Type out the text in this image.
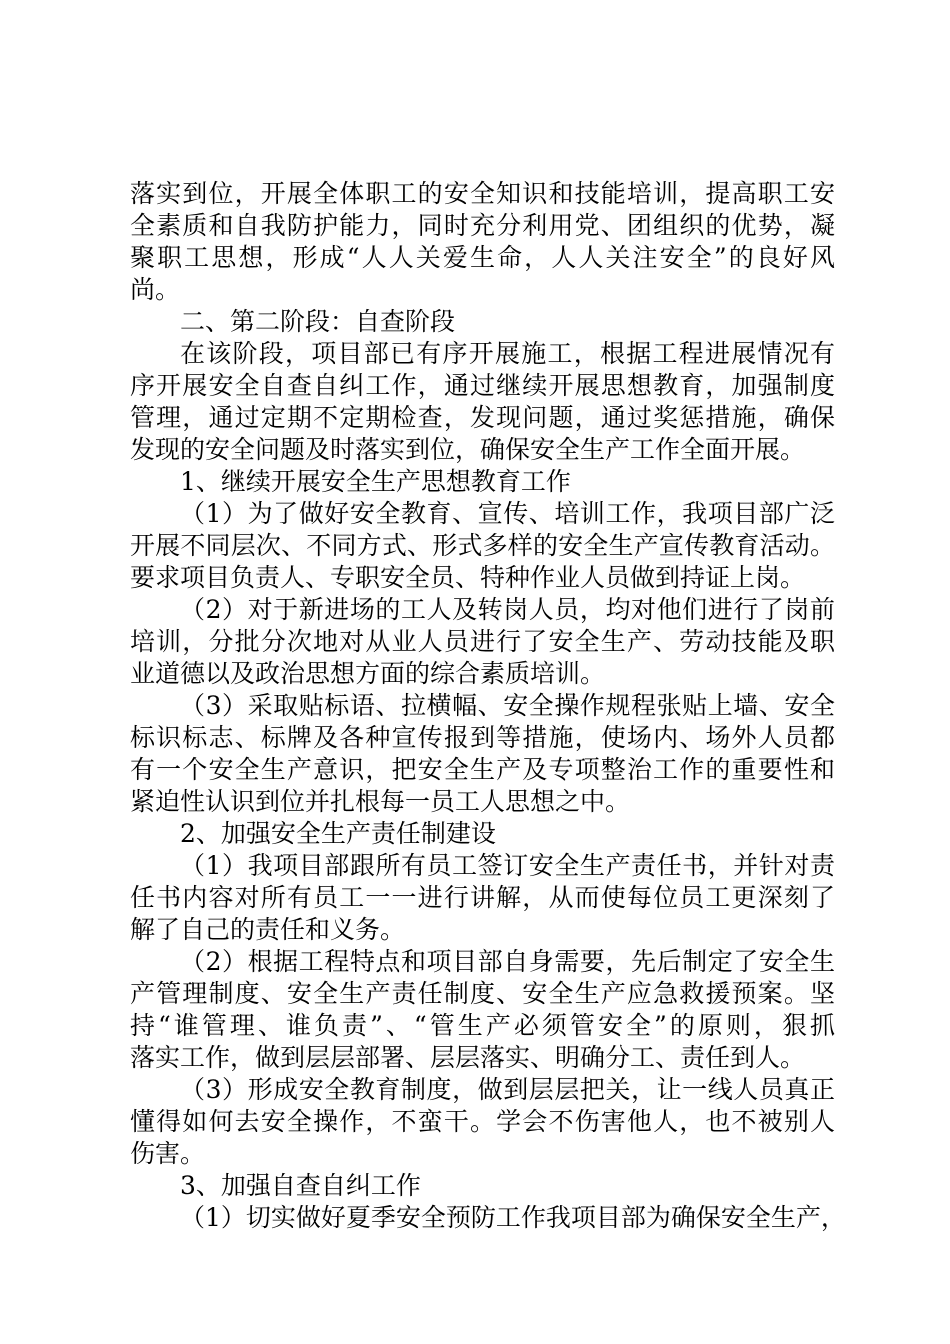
落实到位，开展全体职工的安全知识和技能培训，提高职工安
全素质和自我防护能力，同时充分利用党、团组织的优势，凝
聚职工思想，形成“人人关爱生命，人人关注安全”的良好风
尚。
二、第二阶段：自查阶段
在该阶段，项目部已有序开展施工，根据工程进展情况有
序开展安全自查自纠工作，通过继续开展思想教育，加强制度
管理，通过定期不定期检查，发现问题，通过奖惩措施，确保
发现的安全问题及时落实到位，确保安全生产工作全面开展。
1、继续开展安全生产思想教育工作
（1）为了做好安全教育、宣传、培训工作，我项目部广泛
开展不同层次、不同方式、形式多样的安全生产宣传教育活动。
要求项目负责人、专职安全员、特种作业人员做到持证上岗。
（2）对于新进场的工人及转岗人员，均对他们进行了岗前
培训，分批分次地对从业人员进行了安全生产、劳动技能及职
业道德以及政治思想方面的综合素质培训。
（3）采取贴标语、拉横幅、安全操作规程张贴上墙、安全
标识标志、标牌及各种宣传报到等措施，使场内、场外人员都
有一个安全生产意识，把安全生产及专项整治工作的重要性和
紧迫性认识到位并扎根每一员工人思想之中。
2、加强安全生产责任制建设
（1）我项目部跟所有员工签订安全生产责任书，并针对责
任书内容对所有员工一一进行讲解，从而使每位员工更深刻了
解了自己的责任和义务。
（2）根据工程特点和项目部自身需要，先后制定了安全生
产管理制度、安全生产责任制度、安全生产应急救援预案。坚
持“谁管理、谁负责”、“管生产必须管安全”的原则，狠抓
落实工作，做到层层部署、层层落实、明确分工、责任到人。
（3）形成安全教育制度，做到层层把关，让一线人员真正
懂得如何去安全操作，不蛮干。学会不伤害他人，也不被别人
伤害。
3、加强自查自纠工作
（1）切实做好夏季安全预防工作我项目部为确保安全生产，
